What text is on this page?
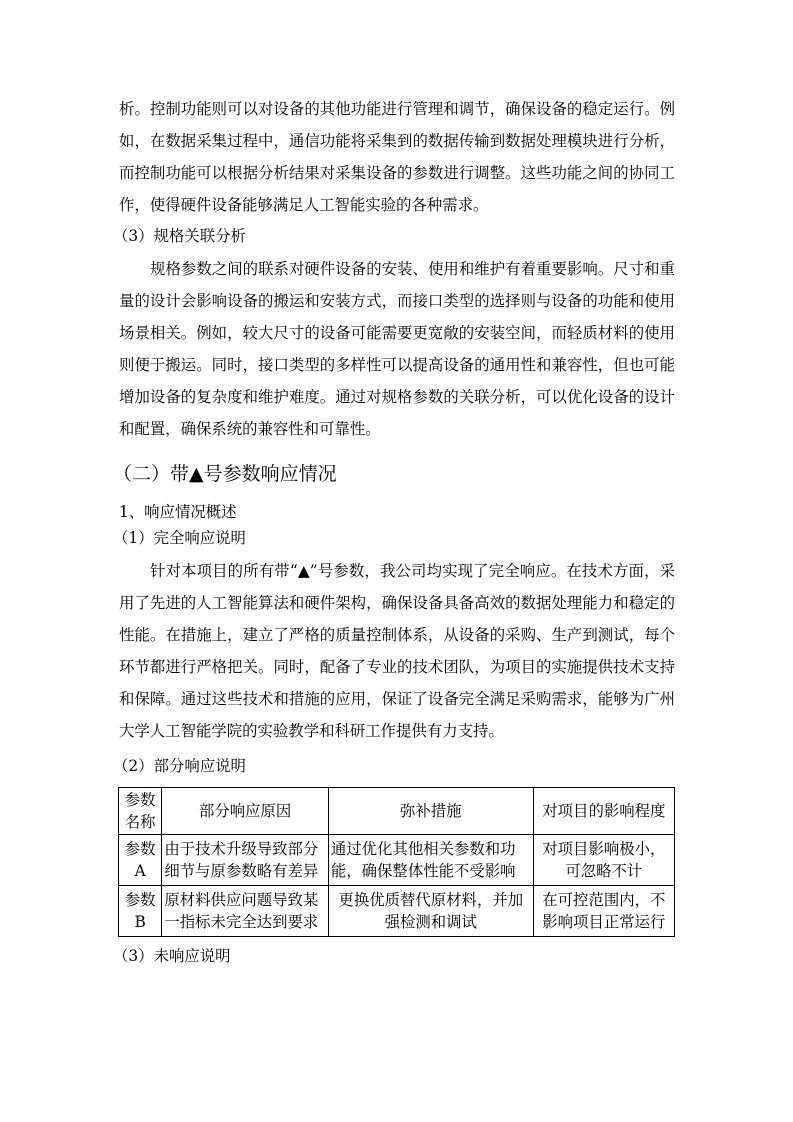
析。控制功能则可以对设备的其他功能进行管理和调节，确保设备的稳定运行。例如，在数据采集过程中，通信功能将采集到的数据传输到数据处理模块进行分析，而控制功能可以根据分析结果对采集设备的参数进行调整。这些功能之间的协同工作，使得硬件设备能够满足人工智能实验的各种需求。

（3）规格关联分析

规格参数之间的联系对硬件设备的安装、使用和维护有着重要影响。尺寸和重量的设计会影响设备的搬运和安装方式，而接口类型的选择则与设备的功能和使用场景相关。例如，较大尺寸的设备可能需要更宽敞的安装空间，而轻质材料的使用则便于搬运。同时，接口类型的多样性可以提高设备的通用性和兼容性，但也可能增加设备的复杂度和维护难度。通过对规格参数的关联分析，可以优化设备的设计和配置，确保系统的兼容性和可靠性。

（二）带▲号参数响应情况

1、响应情况概述

（1）完全响应说明

针对本项目的所有带“▲”号参数，我公司均实现了完全响应。在技术方面，采用了先进的人工智能算法和硬件架构，确保设备具备高效的数据处理能力和稳定的性能。在措施上，建立了严格的质量控制体系，从设备的采购、生产到测试，每个环节都进行严格把关。同时，配备了专业的技术团队，为项目的实施提供技术支持和保障。通过这些技术和措施的应用，保证了设备完全满足采购需求，能够为广州大学人工智能学院的实验教学和科研工作提供有力支持。

（2）部分响应说明

参数名称	部分响应原因	弥补措施	对项目的影响程度
参数A	由于技术升级导致部分细节与原参数略有差异	通过优化其他相关参数和功能，确保整体性能不受影响	对项目影响极小，可忽略不计
参数B	原材料供应问题导致某一指标未完全达到要求	更换优质替代原材料，并加强检测和调试	在可控范围内，不影响项目正常运行

（3）未响应说明
